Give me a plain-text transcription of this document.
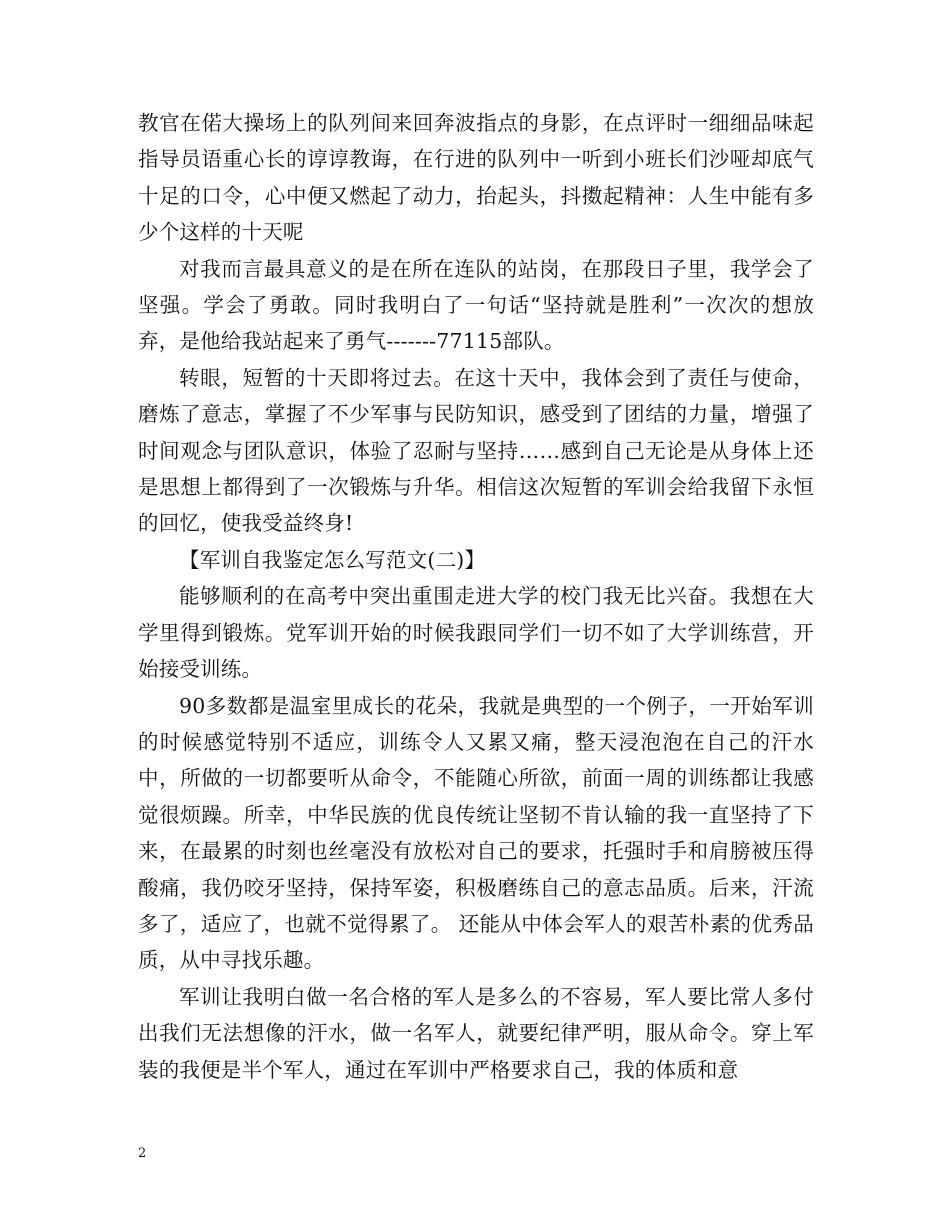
教官在偌大操场上的队列间来回奔波指点的身影，在点评时一细细品味起指导员语重心长的谆谆教诲，在行进的队列中一听到小班长们沙哑却底气十足的口令，心中便又燃起了动力，抬起头，抖擞起精神：人生中能有多少个这样的十天呢

对我而言最具意义的是在所在连队的站岗，在那段日子里，我学会了坚强。学会了勇敢。同时我明白了一句话“坚持就是胜利”一次次的想放弃，是他给我站起来了勇气-------77115部队。

转眼，短暂的十天即将过去。在这十天中，我体会到了责任与使命，磨炼了意志，掌握了不少军事与民防知识，感受到了团结的力量，增强了时间观念与团队意识，体验了忍耐与坚持……感到自己无论是从身体上还是思想上都得到了一次锻炼与升华。相信这次短暂的军训会给我留下永恒的回忆，使我受益终身!

【军训自我鉴定怎么写范文(二)】

能够顺利的在高考中突出重围走进大学的校门我无比兴奋。我想在大学里得到锻炼。党军训开始的时候我跟同学们一切不如了大学训练营，开始接受训练。

90多数都是温室里成长的花朵，我就是典型的一个例子，一开始军训的时候感觉特别不适应，训练令人又累又痛，整天浸泡泡在自己的汗水中，所做的一切都要听从命令，不能随心所欲，前面一周的训练都让我感觉很烦躁。所幸，中华民族的优良传统让坚韧不肯认输的我一直坚持了下来，在最累的时刻也丝毫没有放松对自己的要求，托强时手和肩膀被压得酸痛，我仍咬牙坚持，保持军姿，积极磨练自己的意志品质。后来，汗流多了，适应了，也就不觉得累了。 还能从中体会军人的艰苦朴素的优秀品质，从中寻找乐趣。

军训让我明白做一名合格的军人是多么的不容易，军人要比常人多付出我们无法想像的汗水，做一名军人，就要纪律严明，服从命令。穿上军装的我便是半个军人，通过在军训中严格要求自己，我的体质和意

2
